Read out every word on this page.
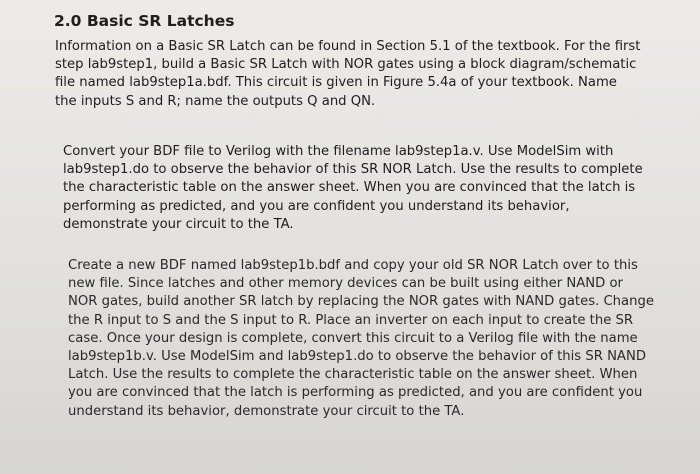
2.0 Basic SR Latches

Information on a Basic SR Latch can be found in Section 5.1 of the textbook. For the first
step lab9step1, build a Basic SR Latch with NOR gates using a block diagram/schematic
file named lab9step1a.bdf. This circuit is given in Figure 5.4a of your textbook. Name
the inputs S and R; name the outputs Q and QN.

Convert your BDF file to Verilog with the filename lab9step1a.v. Use ModelSim with
lab9step1.do to observe the behavior of this SR NOR Latch. Use the results to complete
the characteristic table on the answer sheet. When you are convinced that the latch is
performing as predicted, and you are confident you understand its behavior,
demonstrate your circuit to the TA.

Create a new BDF named lab9step1b.bdf and copy your old SR NOR Latch over to this
new file. Since latches and other memory devices can be built using either NAND or
NOR gates, build another SR latch by replacing the NOR gates with NAND gates. Change
the R input to S and the S input to R. Place an inverter on each input to create the SR
case. Once your design is complete, convert this circuit to a Verilog file with the name
lab9step1b.v. Use ModelSim and lab9step1.do to observe the behavior of this SR NAND
Latch. Use the results to complete the characteristic table on the answer sheet. When
you are convinced that the latch is performing as predicted, and you are confident you
understand its behavior, demonstrate your circuit to the TA.
